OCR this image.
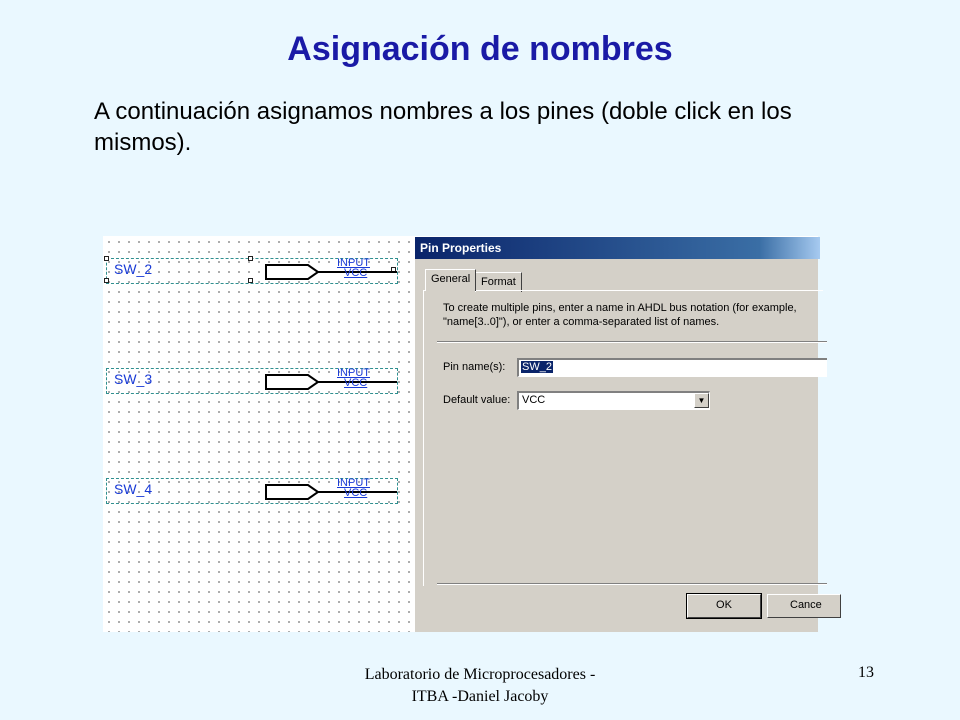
Asignación de nombres
A continuación asignamos nombres a los pines (doble click en los mismos).
SW_2	INPUT
VCC
SW_3	INPUT
VCC
SW_4	INPUT
VCC
Pin Properties
General Format
To create multiple pins, enter a name in AHDL bus notation (for example, "name[3..0]"), or enter a comma-separated list of names.
Pin name(s):	SW_2
Default value:	VCC	▼
OK	Cance
Laboratorio de Microprocesadores -
ITBA -Daniel Jacoby
13
